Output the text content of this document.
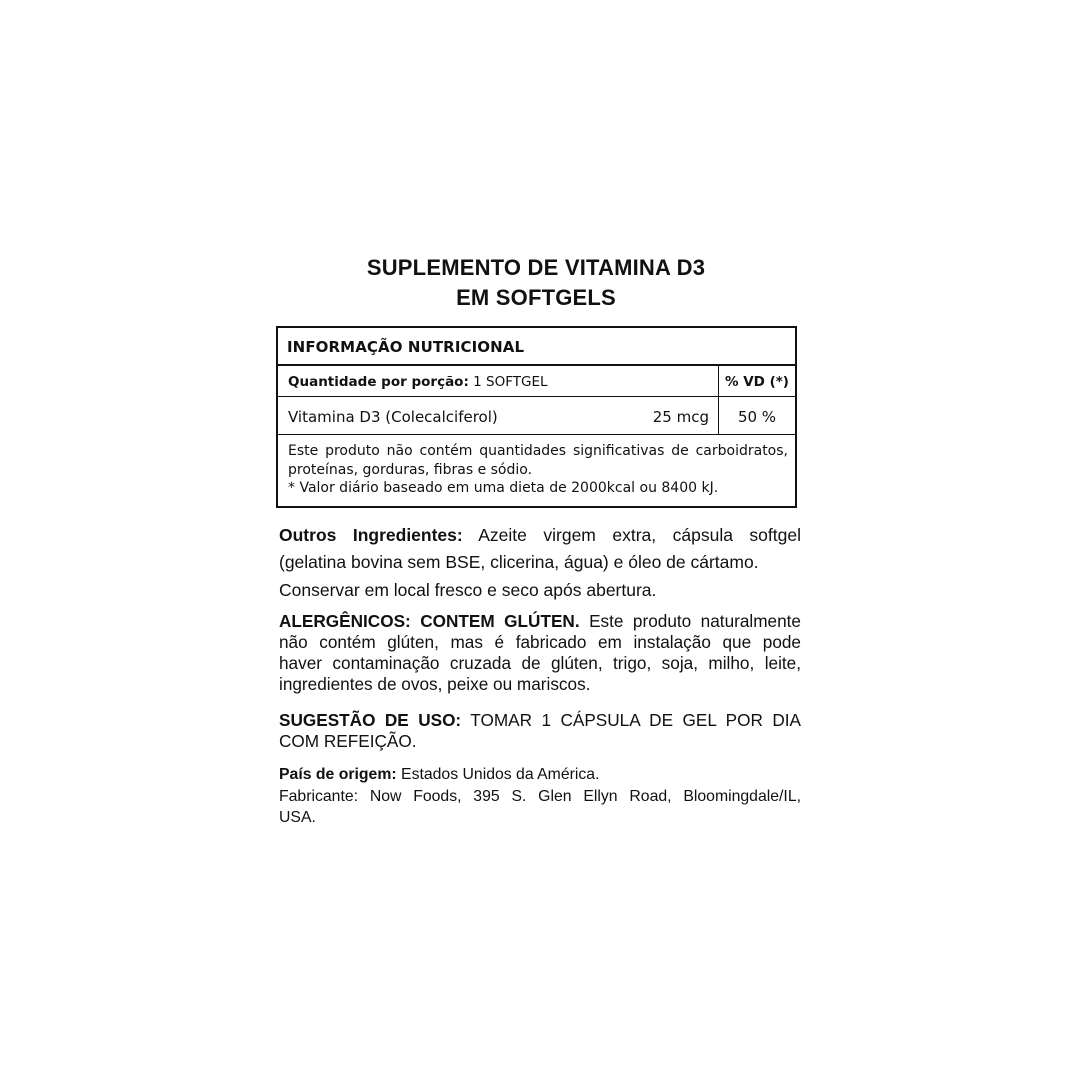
SUPLEMENTO DE VITAMINA D3
EM SOFTGELS
INFORMAÇÃO NUTRICIONAL
Quantidade por porção: 1 SOFTGEL	% VD (*)
Vitamina D3 (Colecalciferol)	25 mcg	50 %
Este produto não contém quantidades significativas de carboidratos,
proteínas, gorduras, fibras e sódio.
* Valor diário baseado em uma dieta de 2000kcal ou 8400 kJ.
Outros Ingredientes: Azeite virgem extra, cápsula softgel
(gelatina bovina sem BSE, clicerina, água) e óleo de cártamo.
Conservar em local fresco e seco após abertura.
ALERGÊNICOS: CONTEM GLÚTEN. Este produto naturalmente
não contém glúten, mas é fabricado em instalação que pode
haver contaminação cruzada de glúten, trigo, soja, milho, leite,
ingredientes de ovos, peixe ou mariscos.
SUGESTÃO DE USO: TOMAR 1 CÁPSULA DE GEL POR DIA
COM REFEIÇÃO.
País de origem: Estados Unidos da América.
Fabricante: Now Foods, 395 S. Glen Ellyn Road, Bloomingdale/IL,
USA.
